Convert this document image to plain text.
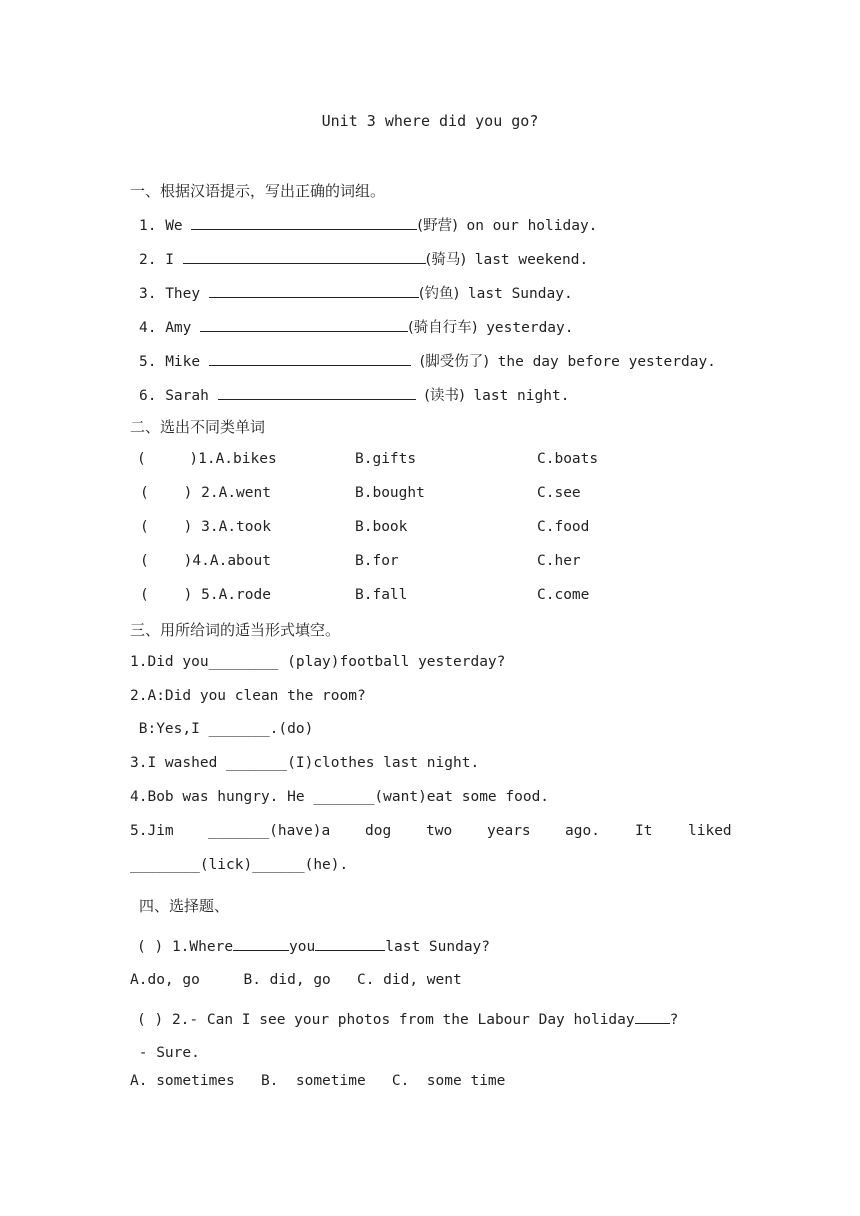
Unit 3 where did you go?
一、根据汉语提示，写出正确的词组。
1. We	(野营) on our holiday.
2. I	(骑马) last weekend.
3. They	(钓鱼) last Sunday.
4. Amy	(骑自行车) yesterday.
5. Mike	(脚受伤了) the day before yesterday.
6. Sarah	(读书) last night.
二、选出不同类单词
(     )1.A.bikes	B.gifts	C.boats
(    ) 2.A.went	B.bought	C.see
(    ) 3.A.took	B.book	C.food
(    )4.A.about	B.for	C.her
(    ) 5.A.rode	B.fall	C.come
三、用所给词的适当形式填空。
1.Did you________ (play)football yesterday?
2.A:Did you clean the room?
B:Yes,I _______.(do)
3.I washed _______(I)clothes last night.
4.Bob was hungry. He _______(want)eat some food.
5.Jim _______(have)a dog two years ago. It liked
________(lick)______(he).
四、选择题、
( ) 1.Where	you	last Sunday?
A.do, go     B. did, go   C. did, went
( ) 2.- Can I see your photos from the Labour Day holiday ?
- Sure.
A. sometimes   B.  sometime   C.  some time
